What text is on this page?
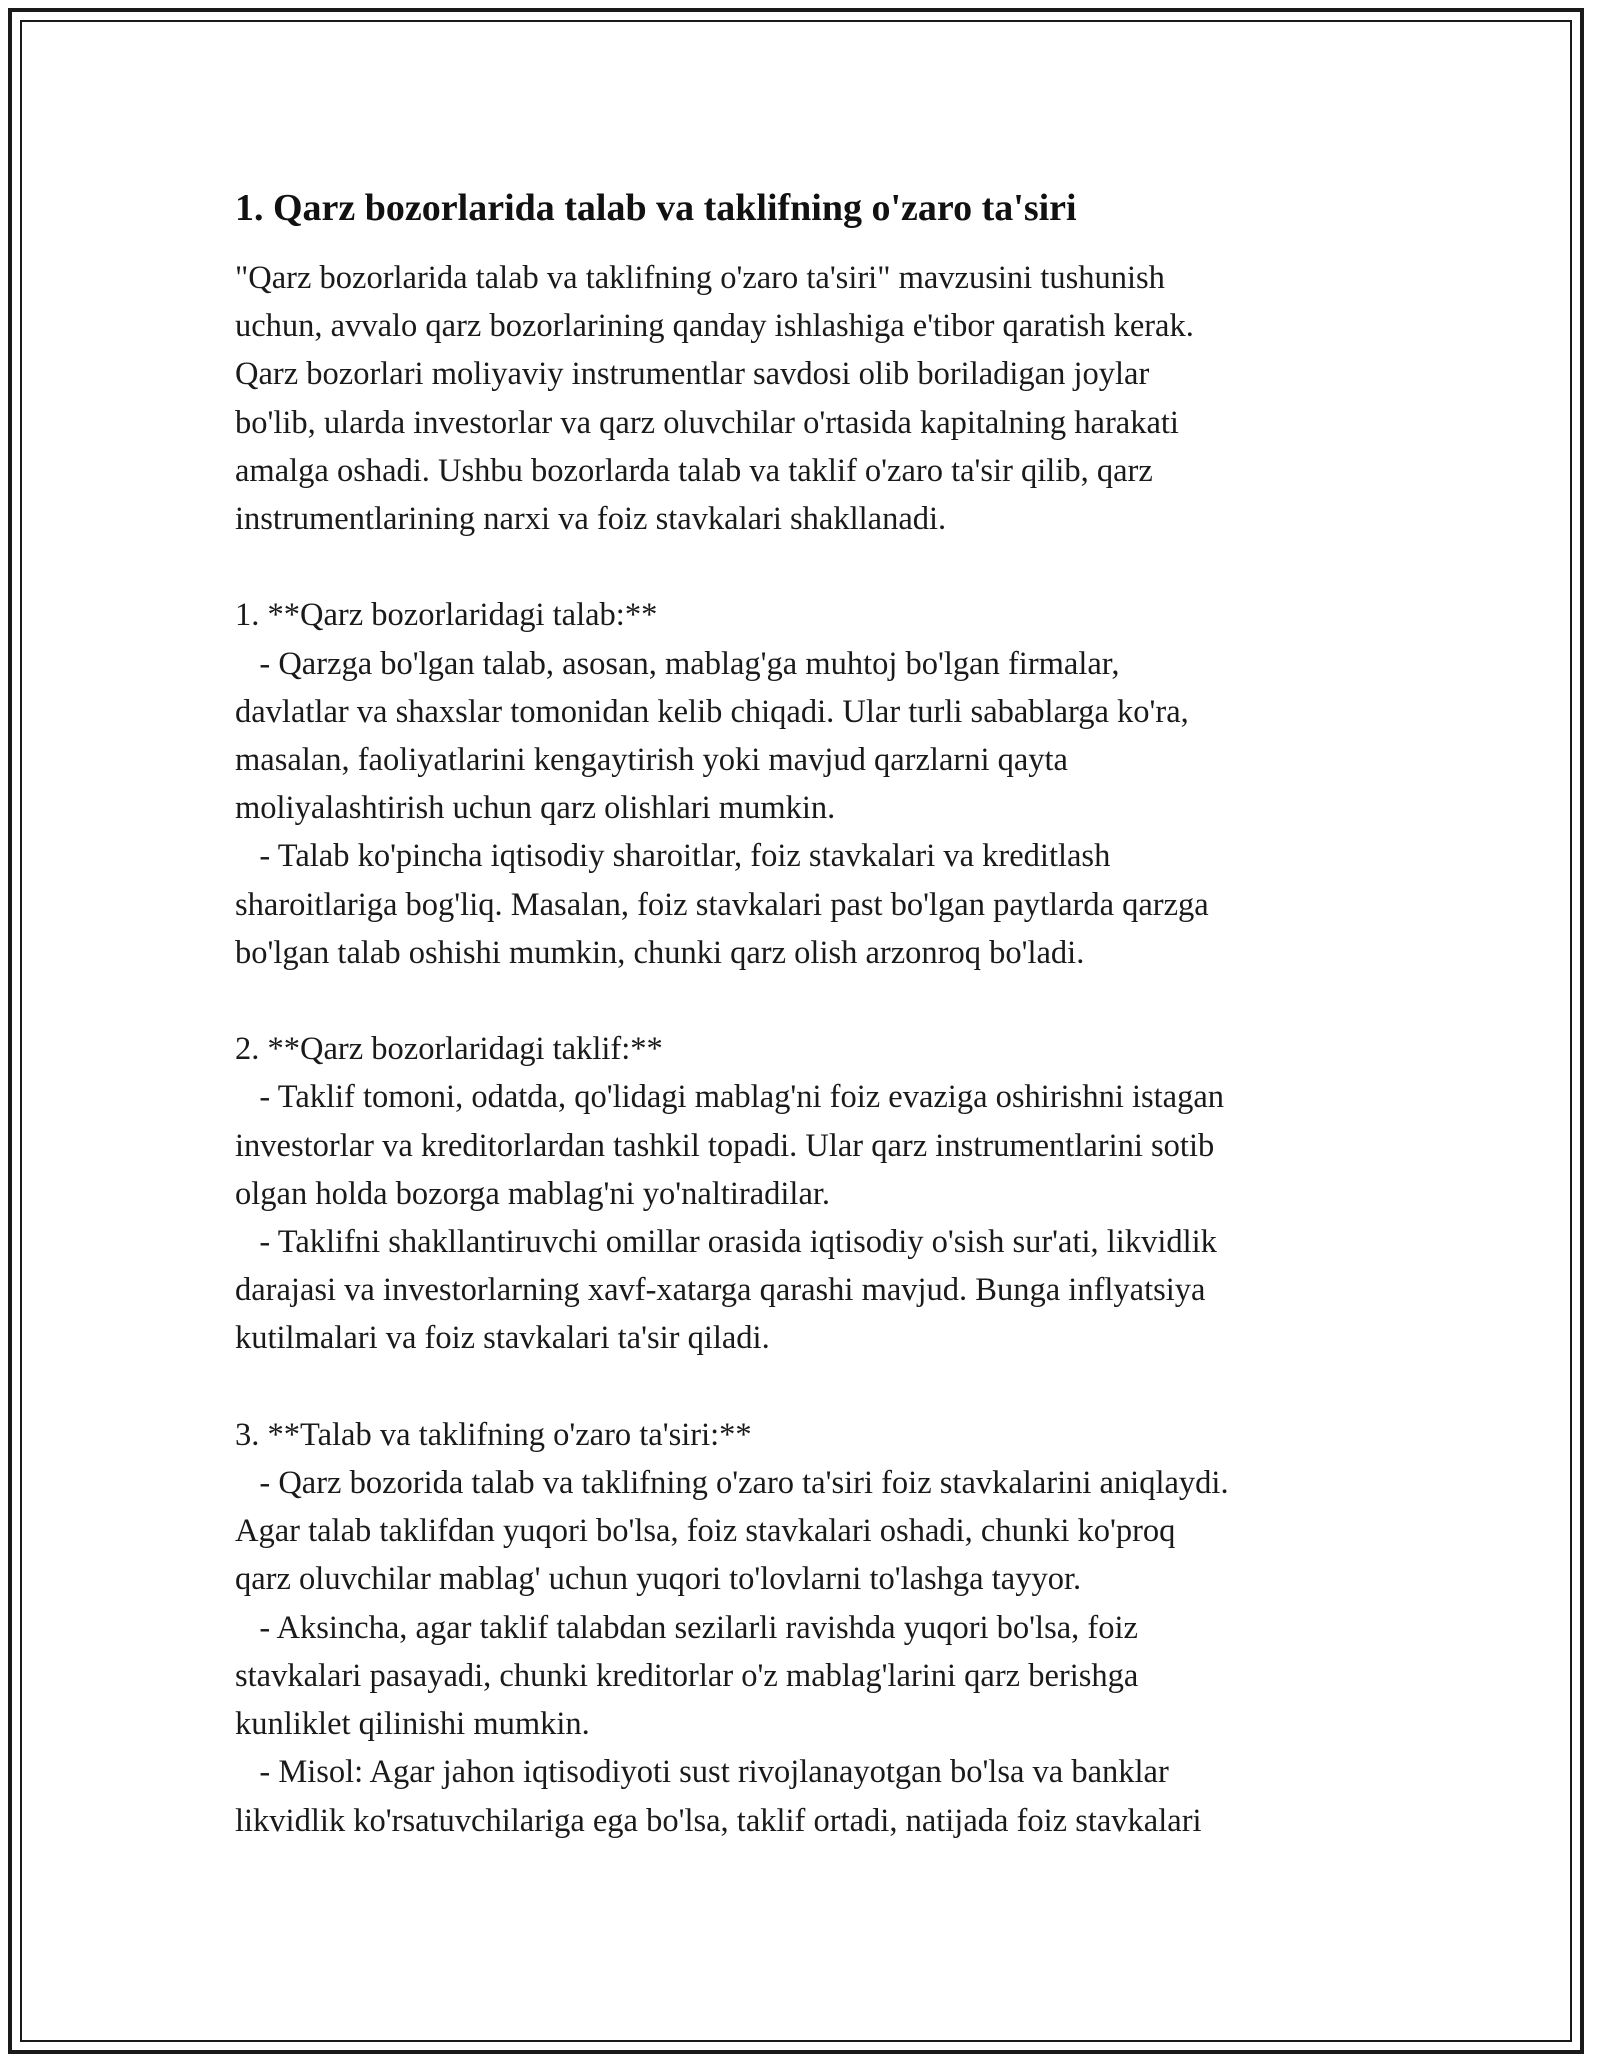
1. Qarz bozorlarida talab va taklifning o'zaro ta'siri

"Qarz bozorlarida talab va taklifning o'zaro ta'siri" mavzusini tushunish
uchun, avvalo qarz bozorlarining qanday ishlashiga e'tibor qaratish kerak.
Qarz bozorlari moliyaviy instrumentlar savdosi olib boriladigan joylar
bo'lib, ularda investorlar va qarz oluvchilar o'rtasida kapitalning harakati
amalga oshadi. Ushbu bozorlarda talab va taklif o'zaro ta'sir qilib, qarz
instrumentlarining narxi va foiz stavkalari shakllanadi.

1. **Qarz bozorlaridagi talab:**
- Qarzga bo'lgan talab, asosan, mablag'ga muhtoj bo'lgan firmalar,
davlatlar va shaxslar tomonidan kelib chiqadi. Ular turli sabablarga ko'ra,
masalan, faoliyatlarini kengaytirish yoki mavjud qarzlarni qayta
moliyalashtirish uchun qarz olishlari mumkin.
- Talab ko'pincha iqtisodiy sharoitlar, foiz stavkalari va kreditlash
sharoitlariga bog'liq. Masalan, foiz stavkalari past bo'lgan paytlarda qarzga
bo'lgan talab oshishi mumkin, chunki qarz olish arzonroq bo'ladi.

2. **Qarz bozorlaridagi taklif:**
- Taklif tomoni, odatda, qo'lidagi mablag'ni foiz evaziga oshirishni istagan
investorlar va kreditorlardan tashkil topadi. Ular qarz instrumentlarini sotib
olgan holda bozorga mablag'ni yo'naltiradilar.
- Taklifni shakllantiruvchi omillar orasida iqtisodiy o'sish sur'ati, likvidlik
darajasi va investorlarning xavf-xatarga qarashi mavjud. Bunga inflyatsiya
kutilmalari va foiz stavkalari ta'sir qiladi.

3. **Talab va taklifning o'zaro ta'siri:**
- Qarz bozorida talab va taklifning o'zaro ta'siri foiz stavkalarini aniqlaydi.
Agar talab taklifdan yuqori bo'lsa, foiz stavkalari oshadi, chunki ko'proq
qarz oluvchilar mablag' uchun yuqori to'lovlarni to'lashga tayyor.
- Aksincha, agar taklif talabdan sezilarli ravishda yuqori bo'lsa, foiz
stavkalari pasayadi, chunki kreditorlar o'z mablag'larini qarz berishga
kunliklet qilinishi mumkin.
- Misol: Agar jahon iqtisodiyoti sust rivojlanayotgan bo'lsa va banklar
likvidlik ko'rsatuvchilariga ega bo'lsa, taklif ortadi, natijada foiz stavkalari
